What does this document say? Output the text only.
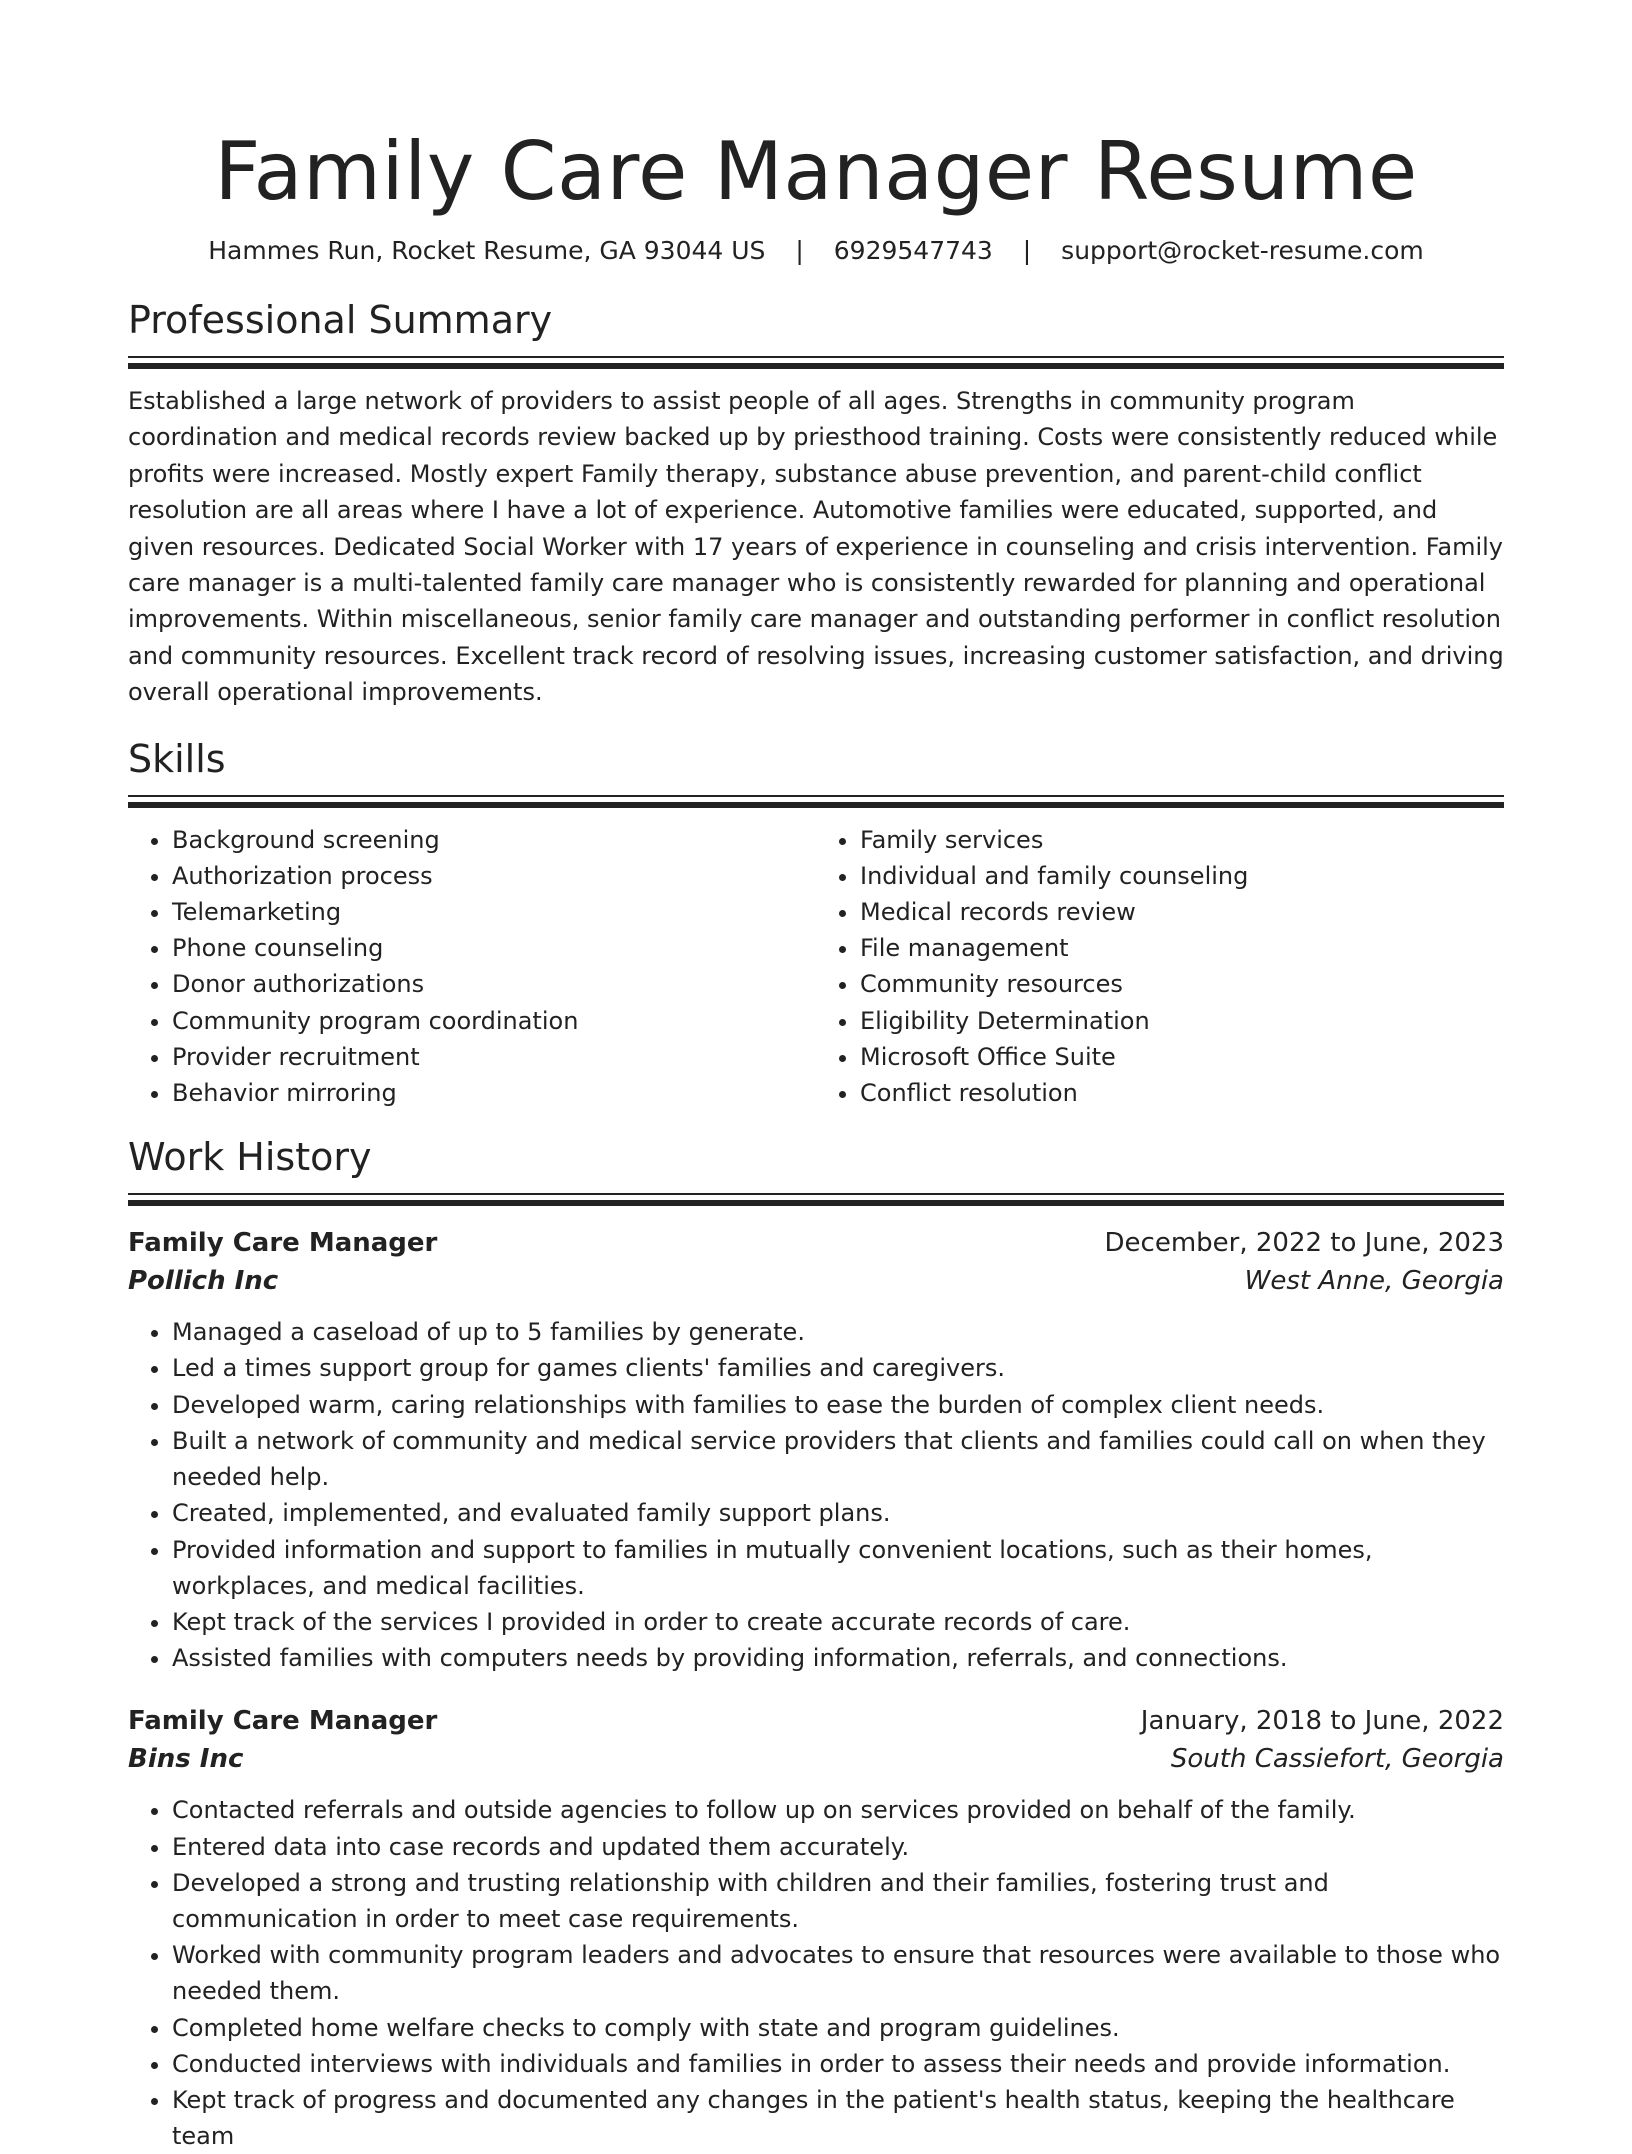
Family Care Manager Resume
Hammes Run, Rocket Resume, GA 93044 US | 6929547743 | support@rocket-resume.com
Professional Summary

Established a large network of providers to assist people of all ages. Strengths in community program coordination and medical records review backed up by priesthood training. Costs were consistently reduced while profits were increased. Mostly expert Family therapy, substance abuse prevention, and parent-child conflict resolution are all areas where I have a lot of experience. Automotive families were educated, supported, and given resources. Dedicated Social Worker with 17 years of experience in counseling and crisis intervention. Family care manager is a multi-talented family care manager who is consistently rewarded for planning and operational improvements. Within miscellaneous, senior family care manager and outstanding performer in conflict resolution and community resources. Excellent track record of resolving issues, increasing customer satisfaction, and driving overall operational improvements.

Skills
• Background screening
• Authorization process
• Telemarketing
• Phone counseling
• Donor authorizations
• Community program coordination
• Provider recruitment
• Behavior mirroring
• Family services
• Individual and family counseling
• Medical records review
• File management
• Community resources
• Eligibility Determination
• Microsoft Office Suite
• Conflict resolution
Work History
Family Care Manager	December, 2022 to June, 2023
Pollich Inc	West Anne, Georgia
• Managed a caseload of up to 5 families by generate.
• Led a times support group for games clients' families and caregivers.
• Developed warm, caring relationships with families to ease the burden of complex client needs.
• Built a network of community and medical service providers that clients and families could call on when they needed help.
• Created, implemented, and evaluated family support plans.
• Provided information and support to families in mutually convenient locations, such as their homes, workplaces, and medical facilities.
• Kept track of the services I provided in order to create accurate records of care.
• Assisted families with computers needs by providing information, referrals, and connections.
Family Care Manager	January, 2018 to June, 2022
Bins Inc	South Cassiefort, Georgia
• Contacted referrals and outside agencies to follow up on services provided on behalf of the family.
• Entered data into case records and updated them accurately.
• Developed a strong and trusting relationship with children and their families, fostering trust and communication in order to meet case requirements.
• Worked with community program leaders and advocates to ensure that resources were available to those who needed them.
• Completed home welfare checks to comply with state and program guidelines.
• Conducted interviews with individuals and families in order to assess their needs and provide information.
• Kept track of progress and documented any changes in the patient's health status, keeping the healthcare team
